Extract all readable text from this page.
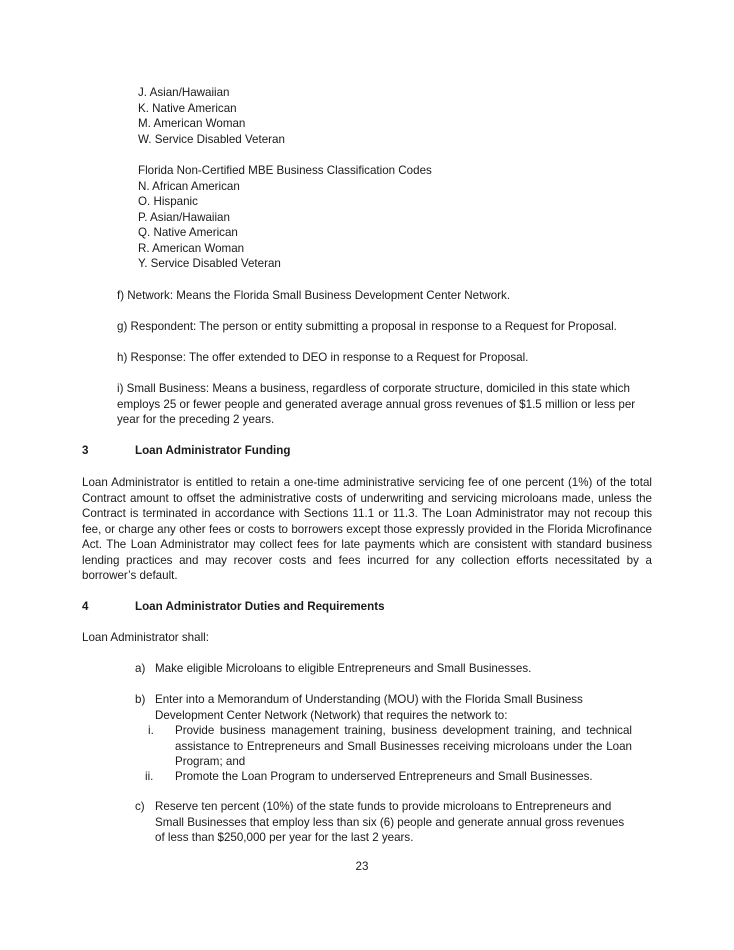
J. Asian/Hawaiian
K. Native American
M. American Woman
W. Service Disabled Veteran
Florida Non-Certified MBE Business Classification Codes
N. African American
O. Hispanic
P. Asian/Hawaiian
Q. Native American
R. American Woman
Y. Service Disabled Veteran
f) Network: Means the Florida Small Business Development Center Network.
g) Respondent: The person or entity submitting a proposal in response to a Request for Proposal.
h) Response: The offer extended to DEO in response to a Request for Proposal.
i) Small Business: Means a business, regardless of corporate structure, domiciled in this state which employs 25 or fewer people and generated average annual gross revenues of $1.5 million or less per year for the preceding 2 years.
3	Loan Administrator Funding
Loan Administrator is entitled to retain a one-time administrative servicing fee of one percent (1%) of the total Contract amount to offset the administrative costs of underwriting and servicing microloans made, unless the Contract is terminated in accordance with Sections 11.1 or 11.3. The Loan Administrator may not recoup this fee, or charge any other fees or costs to borrowers except those expressly provided in the Florida Microfinance Act. The Loan Administrator may collect fees for late payments which are consistent with standard business lending practices and may recover costs and fees incurred for any collection efforts necessitated by a borrower’s default.
4	Loan Administrator Duties and Requirements
Loan Administrator shall:
a) Make eligible Microloans to eligible Entrepreneurs and Small Businesses.
b) Enter into a Memorandum of Understanding (MOU) with the Florida Small Business Development Center Network (Network) that requires the network to:
i. Provide business management training, business development training, and technical assistance to Entrepreneurs and Small Businesses receiving microloans under the Loan Program; and
ii. Promote the Loan Program to underserved Entrepreneurs and Small Businesses.
c) Reserve ten percent (10%) of the state funds to provide microloans to Entrepreneurs and Small Businesses that employ less than six (6) people and generate annual gross revenues of less than $250,000 per year for the last 2 years.
23
